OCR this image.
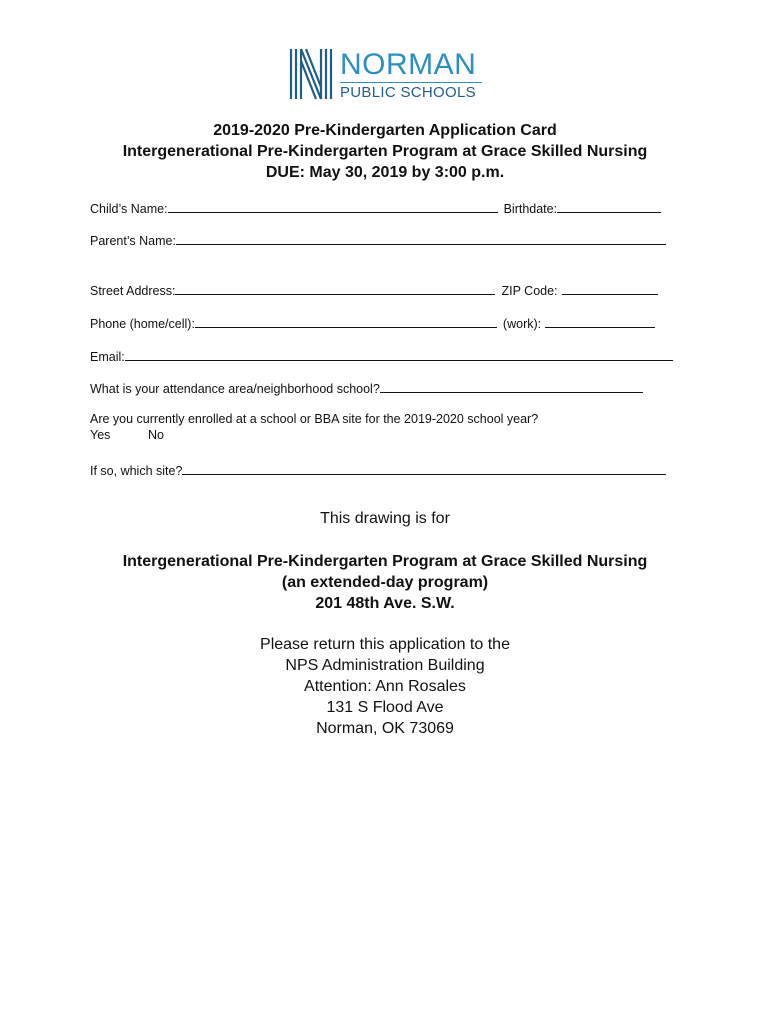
NORMAN
PUBLIC SCHOOLS
2019-2020 Pre-Kindergarten Application Card
Intergenerational Pre-Kindergarten Program at Grace Skilled Nursing
DUE: May 30, 2019 by 3:00 p.m.
Child’s Name:	Birthdate:
Parent’s Name:
Street Address:	ZIP Code:
Phone (home/cell):	(work):
Email:
What is your attendance area/neighborhood school?
Are you currently enrolled at a school or BBA site for the 2019-2020 school year?
Yes	No
If so, which site?
This drawing is for
Intergenerational Pre-Kindergarten Program at Grace Skilled Nursing
(an extended-day program)
201 48th Ave. S.W.
Please return this application to the
NPS Administration Building
Attention: Ann Rosales
131 S Flood Ave
Norman, OK 73069
